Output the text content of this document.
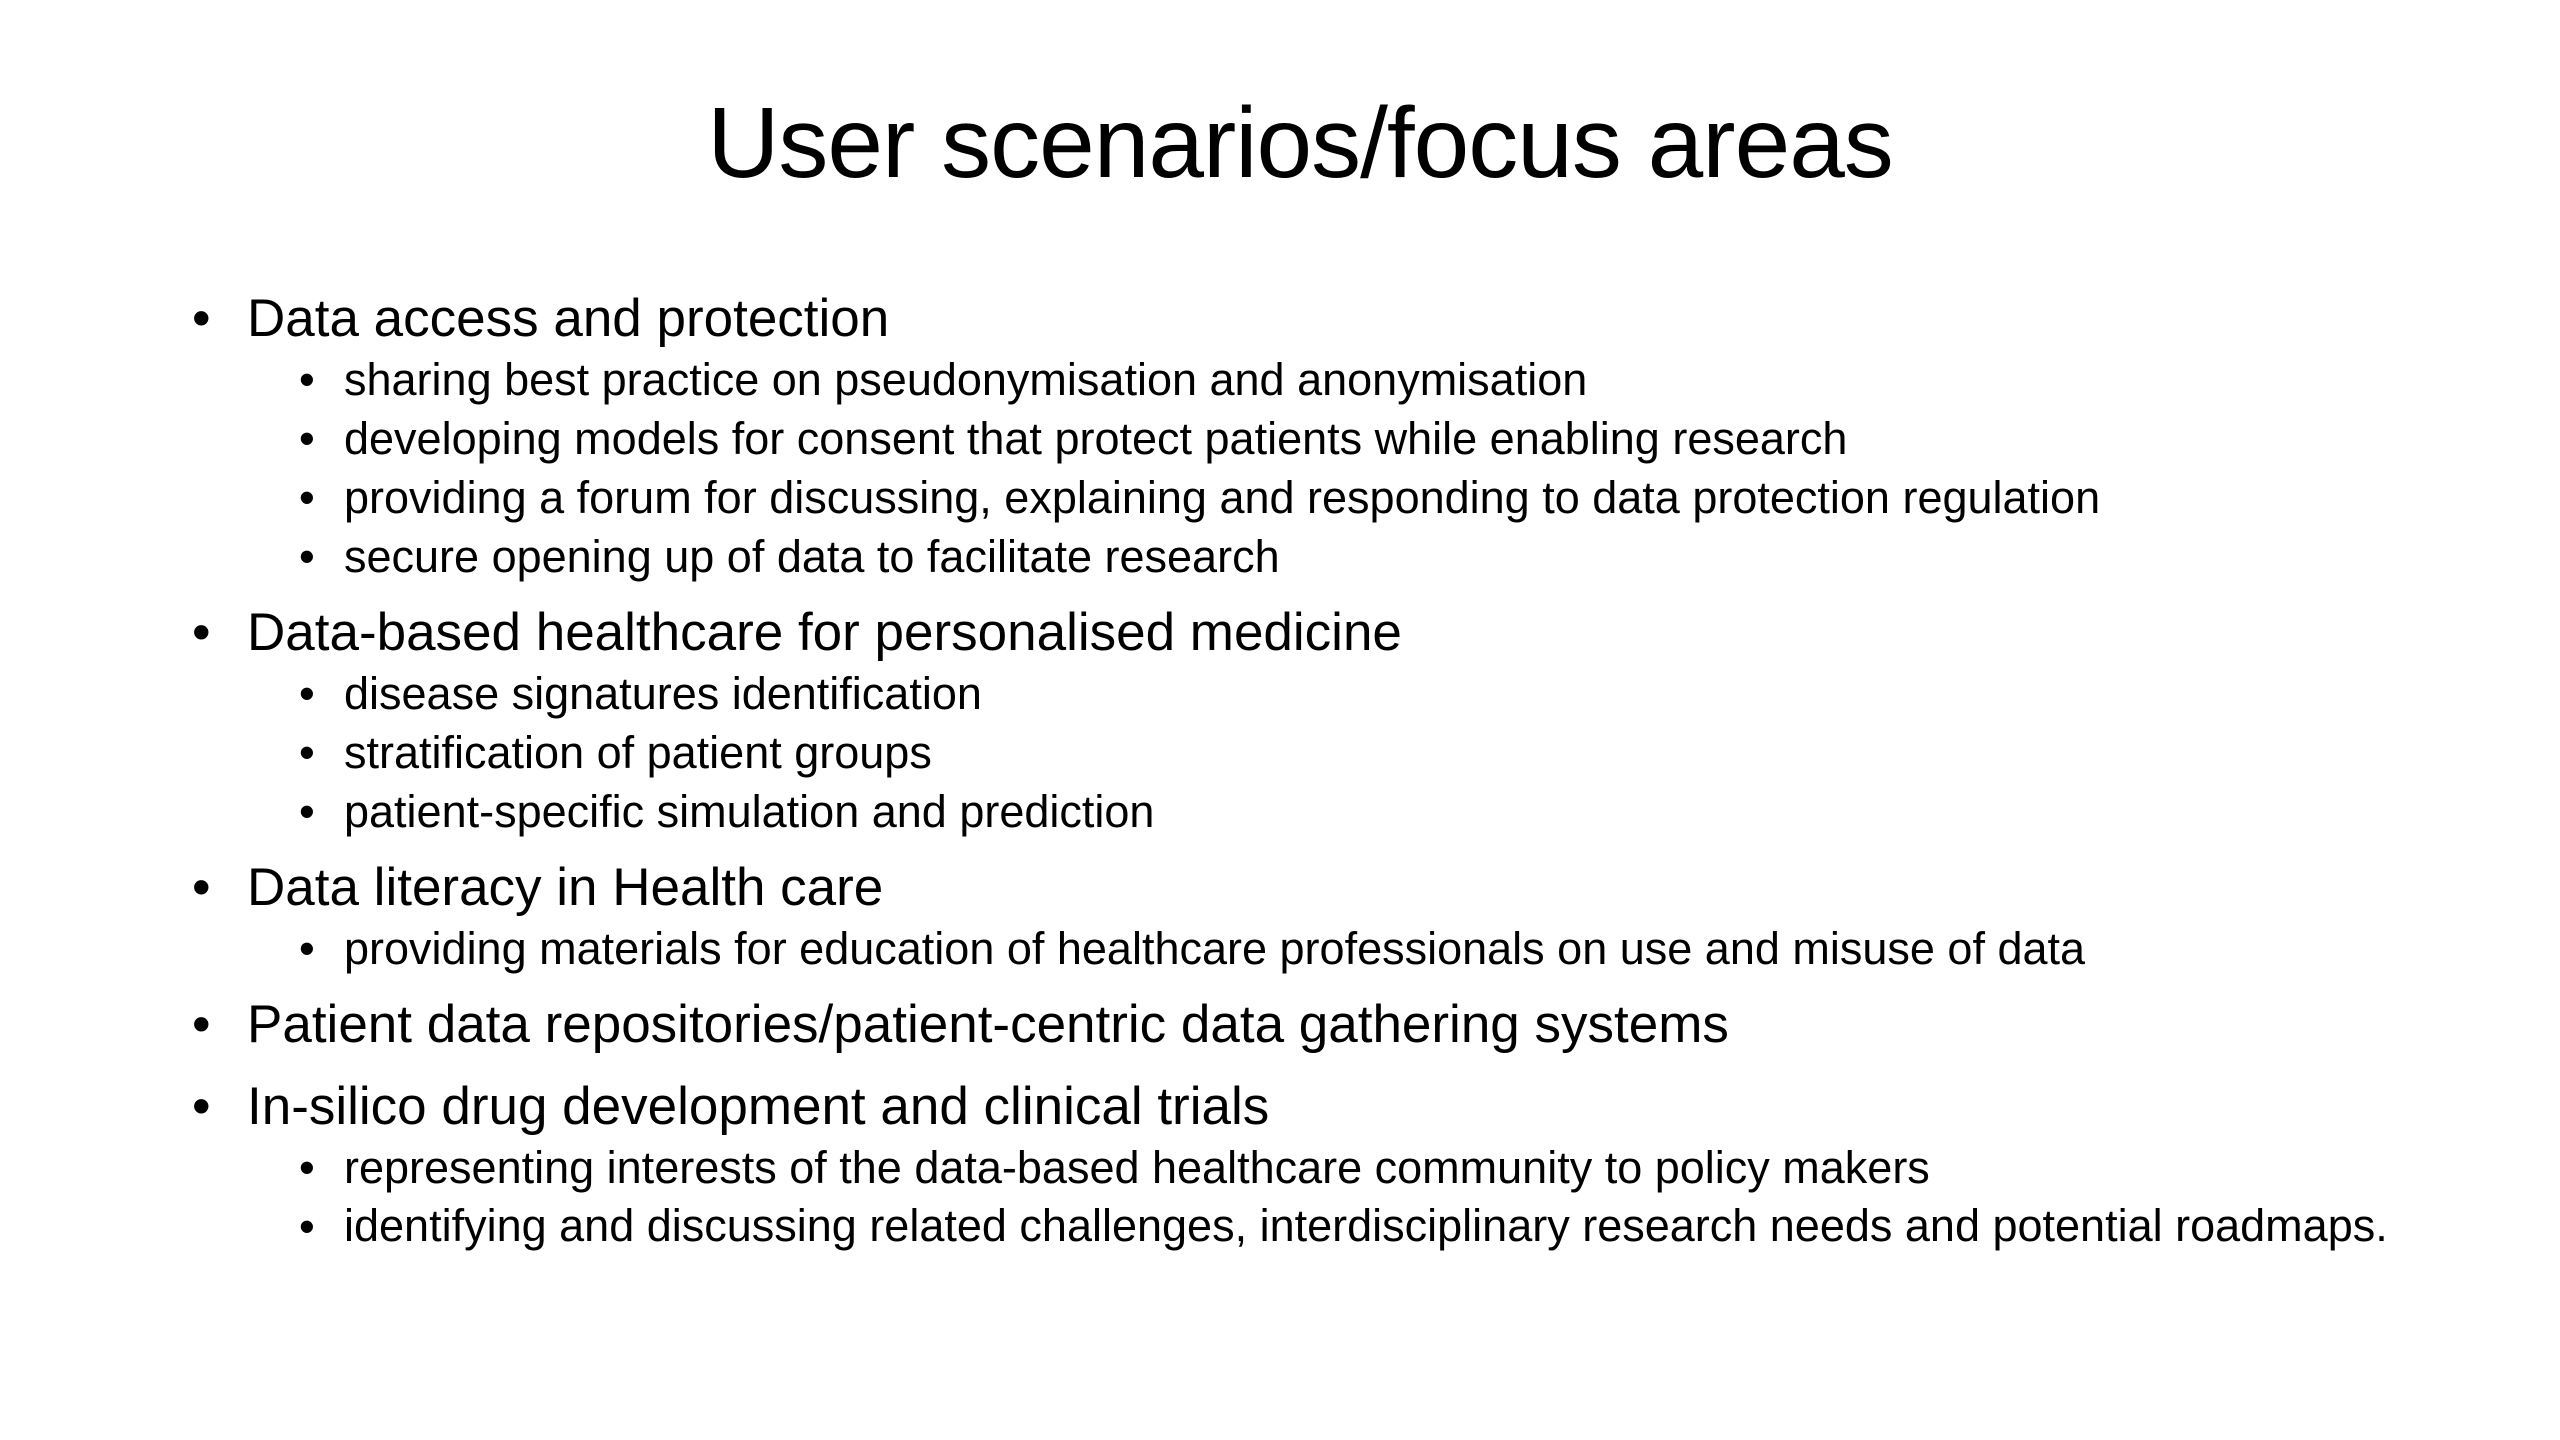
User scenarios/focus areas
• Data access and protection
• sharing best practice on pseudonymisation and anonymisation
• developing models for consent that protect patients while enabling research
• providing a forum for discussing, explaining and responding to data protection regulation
• secure opening up of data to facilitate research
• Data-based healthcare for personalised medicine
• disease signatures identification
• stratification of patient groups
• patient-specific simulation and prediction
• Data literacy in Health care
• providing materials for education of healthcare professionals on use and misuse of data
• Patient data repositories/patient-centric data gathering systems
• In-silico drug development and clinical trials
• representing interests of the data-based healthcare community to policy makers
• identifying and discussing related challenges, interdisciplinary research needs and potential roadmaps.
